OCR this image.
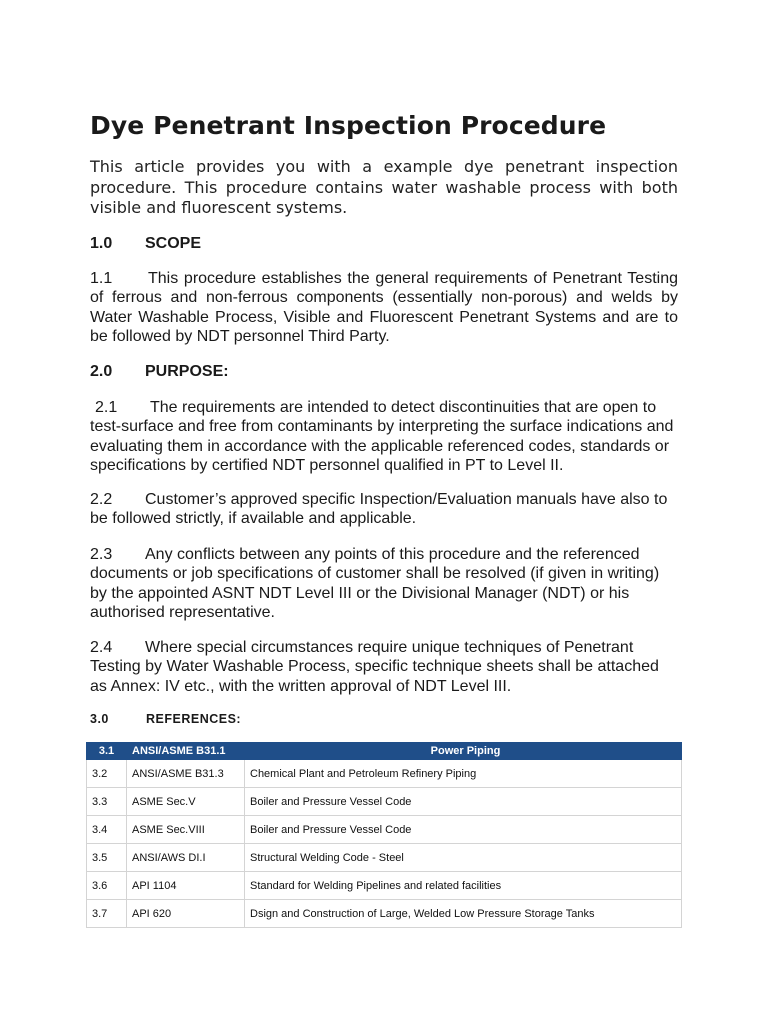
Dye Penetrant Inspection Procedure

This article provides you with a example dye penetrant inspection procedure. This procedure contains water washable process with both visible and fluorescent systems.

1.0 SCOPE

1.1 This procedure establishes the general requirements of Penetrant Testing of ferrous and non-ferrous components (essentially non-porous) and welds by Water Washable Process, Visible and Fluorescent Penetrant Systems and are to be followed by NDT personnel Third Party.

2.0 PURPOSE:

2.1 The requirements are intended to detect discontinuities that are open to test-surface and free from contaminants by interpreting the surface indications and evaluating them in accordance with the applicable referenced codes, standards or specifications by certified NDT personnel qualified in PT to Level II.

2.2 Customer’s approved specific Inspection/Evaluation manuals have also to be followed strictly, if available and applicable.

2.3 Any conflicts between any points of this procedure and the referenced documents or job specifications of customer shall be resolved (if given in writing) by the appointed ASNT NDT Level III or the Divisional Manager (NDT) or his authorised representative.

2.4 Where special circumstances require unique techniques of Penetrant Testing by Water Washable Process, specific technique sheets shall be attached as Annex: IV etc., with the written approval of NDT Level III.

3.0	REFERENCES:

3.1	ANSI/ASME B31.1	Power Piping
3.2	ANSI/ASME B31.3	Chemical Plant and Petroleum Refinery Piping
3.3	ASME Sec.V	Boiler and Pressure Vessel Code
3.4	ASME Sec.VIII	Boiler and Pressure Vessel Code
3.5	ANSI/AWS DI.I	Structural Welding Code - Steel
3.6	API 1104	Standard for Welding Pipelines and related facilities
3.7	API 620	Dsign and Construction of Large, Welded Low Pressure Storage Tanks
